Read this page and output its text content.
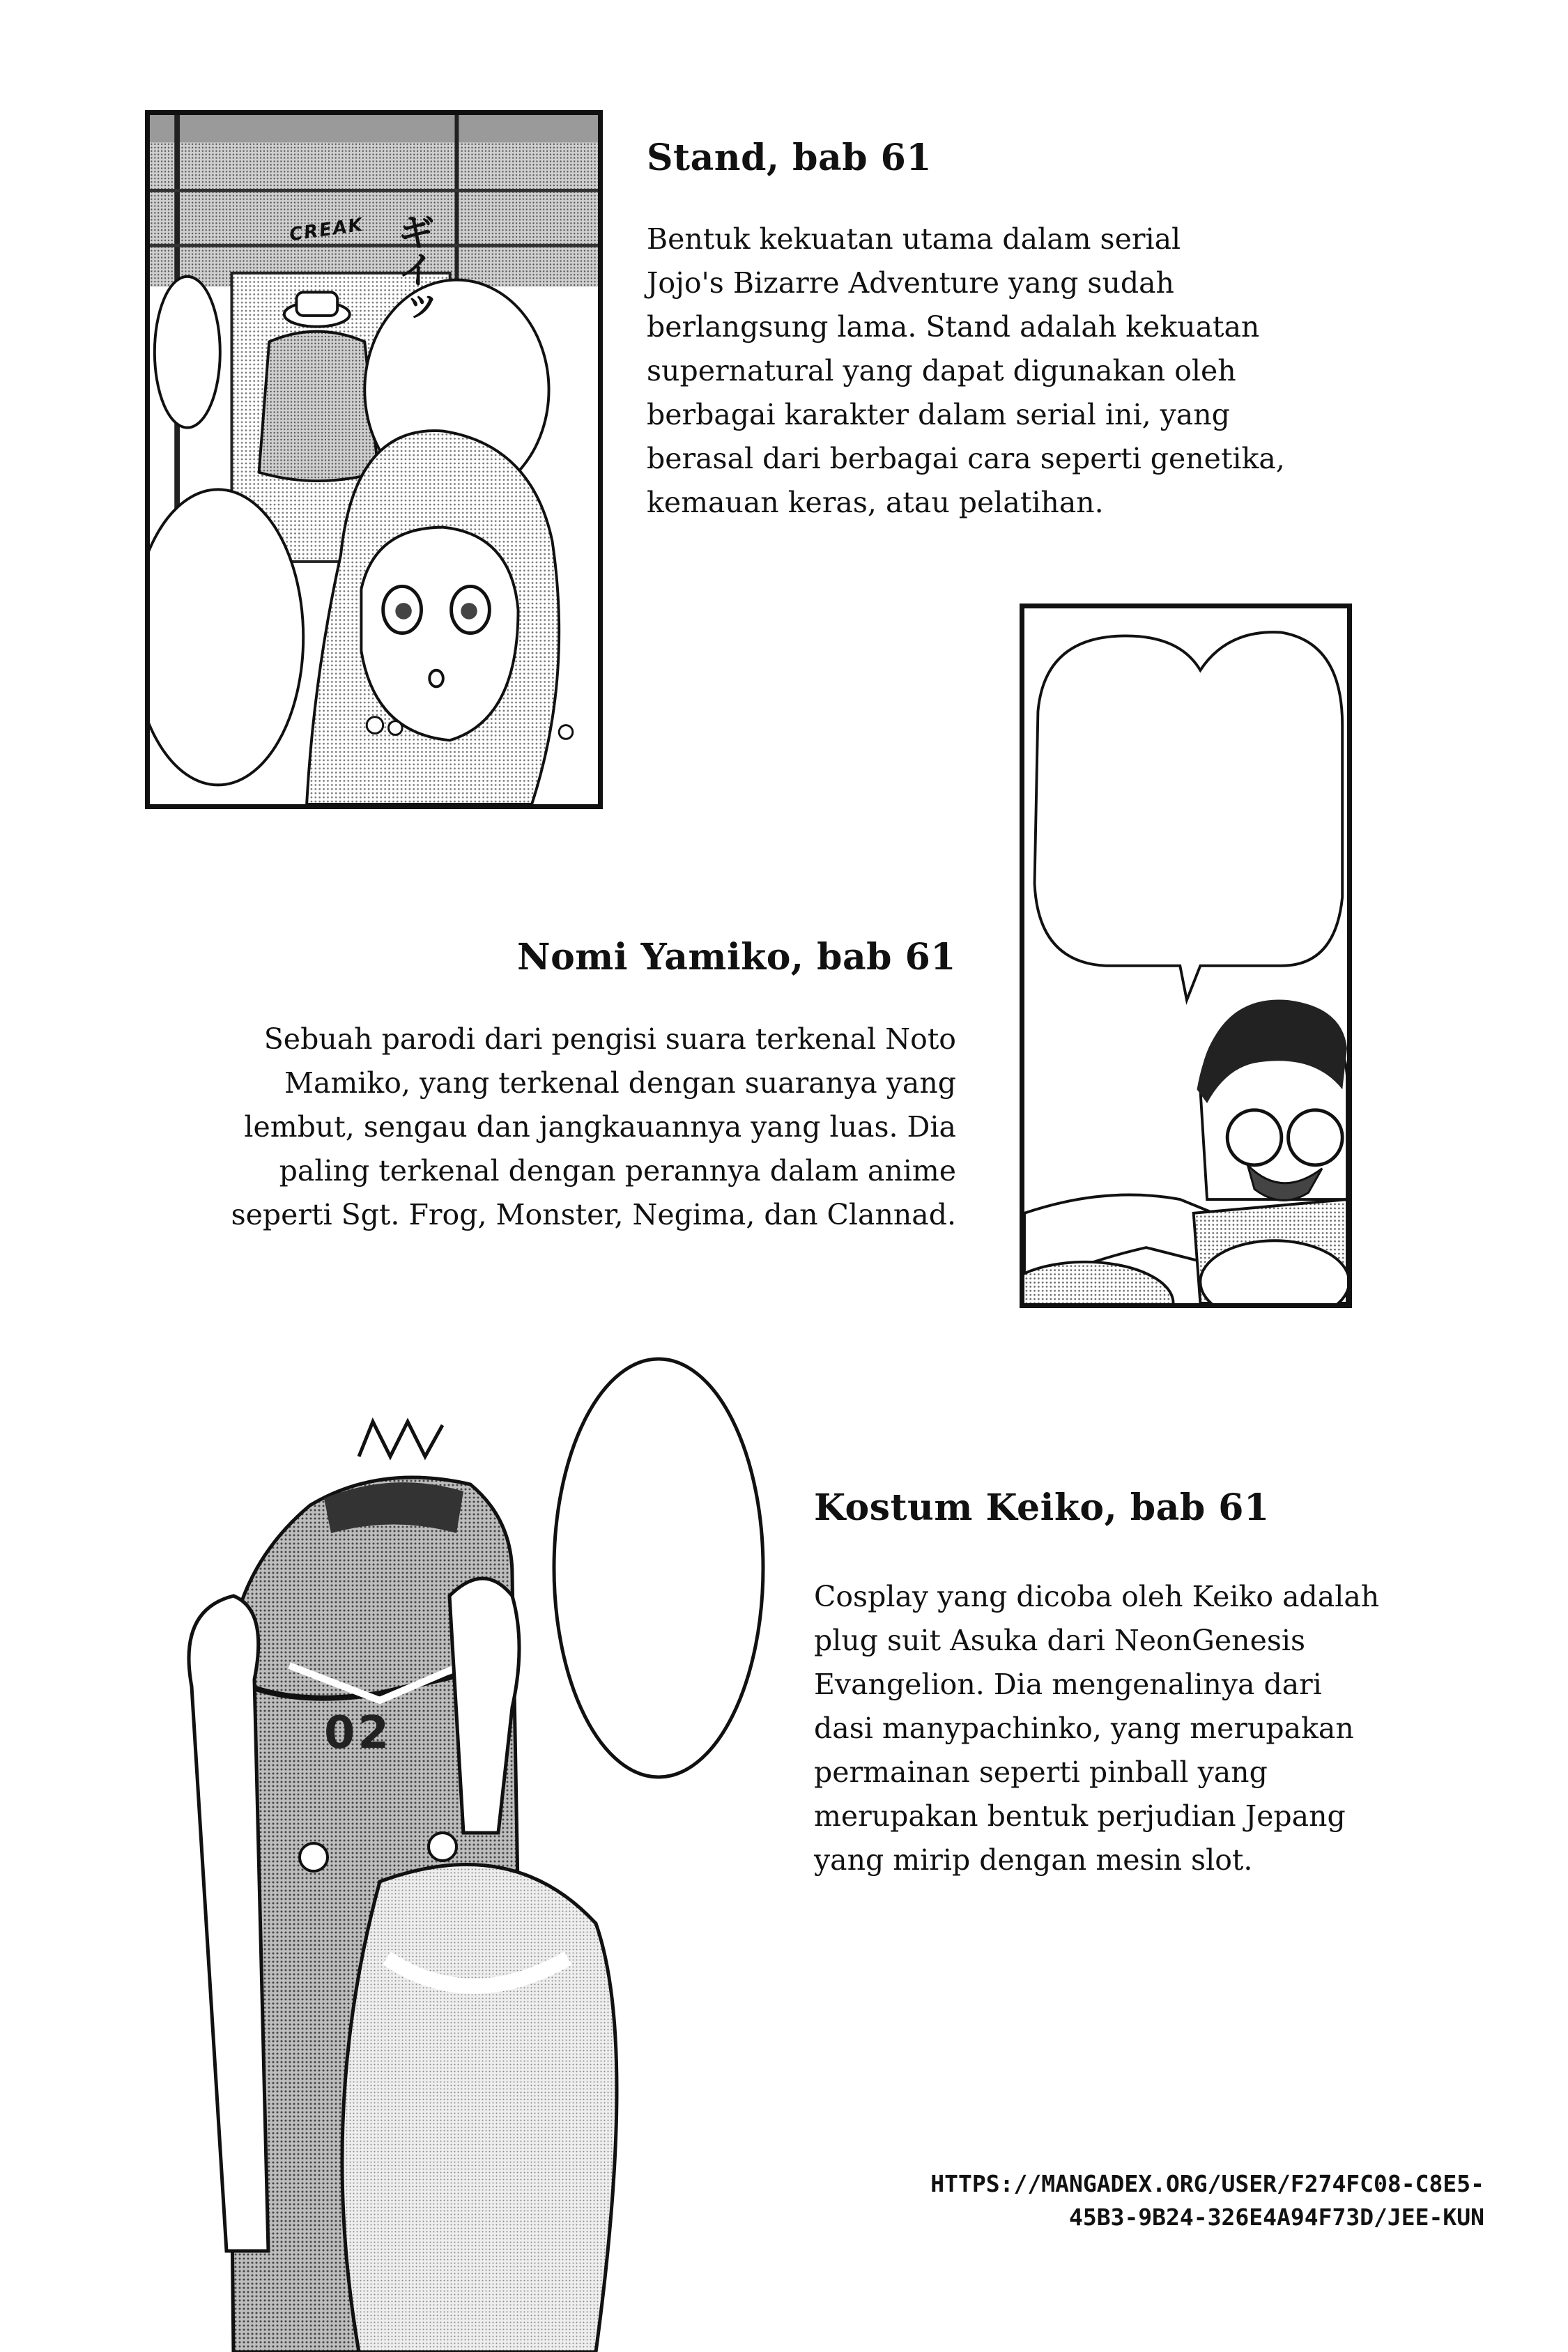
CREAK ギイッ
Stand, bab 61
Bentuk kekuatan utama dalam serial
Jojo's Bizarre Adventure yang sudah
berlangsung lama. Stand adalah kekuatan
supernatural yang dapat digunakan oleh
berbagai karakter dalam serial ini, yang
berasal dari berbagai cara seperti genetika,
kemauan keras, atau pelatihan.
Nomi Yamiko, bab 61
Sebuah parodi dari pengisi suara terkenal Noto
Mamiko, yang terkenal dengan suaranya yang
lembut, sengau dan jangkauannya yang luas. Dia
paling terkenal dengan perannya dalam anime
seperti Sgt. Frog, Monster, Negima, dan Clannad.
02
Kostum Keiko, bab 61
Cosplay yang dicoba oleh Keiko adalah
plug suit Asuka dari NeonGenesis
Evangelion. Dia mengenalinya dari
dasi manypachinko, yang merupakan
permainan seperti pinball yang
merupakan bentuk perjudian Jepang
yang mirip dengan mesin slot.
HTTPS://MANGADEX.ORG/USER/F274FC08-C8E5-
45B3-9B24-326E4A94F73D/JEE-KUN
